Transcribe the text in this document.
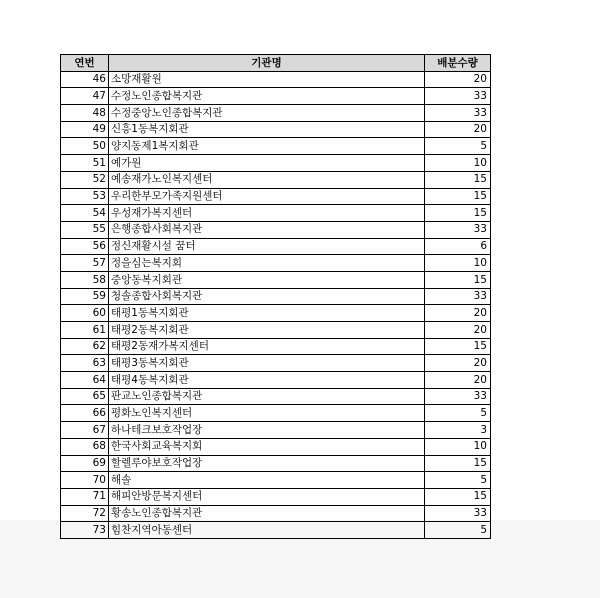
연번	기관명	배분수량
46	소망재활원	20
47	수정노인종합복지관	33
48	수정중앙노인종합복지관	33
49	신흥1동복지회관	20
50	양지동제1복지회관	5
51	예가원	10
52	예송재가노인복지센터	15
53	우리한부모가족지원센터	15
54	우성재가복지센터	15
55	은행종합사회복지관	33
56	정신재활시설 꿈터	6
57	정을심는복지회	10
58	중앙동복지회관	15
59	청솔종합사회복지관	33
60	태평1동복지회관	20
61	태평2동복지회관	20
62	태평2동재가복지센터	15
63	태평3동복지회관	20
64	태평4동복지회관	20
65	판교노인종합복지관	33
66	평화노인복지센터	5
67	하나테크보호작업장	3
68	한국사회교육복지회	10
69	할렐루야보호작업장	15
70	해솔	5
71	해피안방문복지센터	15
72	황송노인종합복지관	33
73	힘찬지역아동센터	5
